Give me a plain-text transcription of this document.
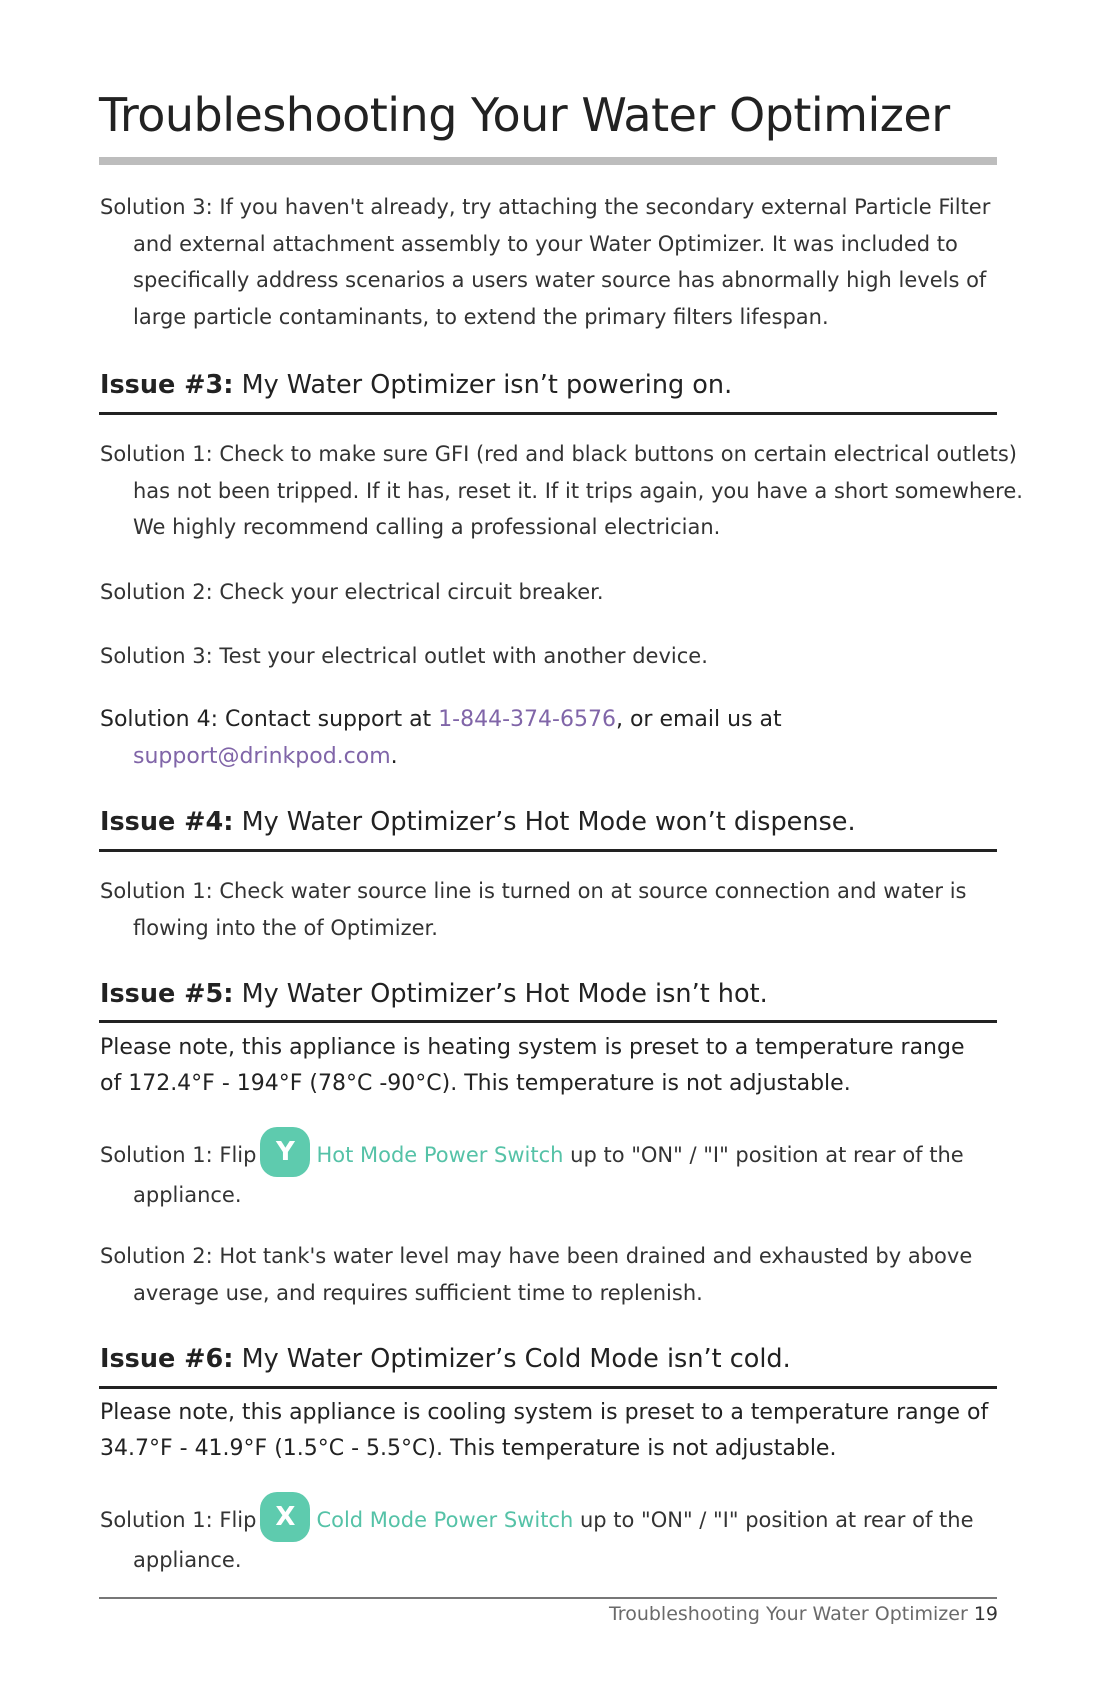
Troubleshooting Your Water Optimizer

Solution 3: If you haven't already, try attaching the secondary external Particle Filter and external attachment assembly to your Water Optimizer. It was included to specifically address scenarios a users water source has abnormally high levels of large particle contaminants, to extend the primary filters lifespan.

Issue #3: My Water Optimizer isn’t powering on.

Solution 1: Check to make sure GFI (red and black buttons on certain electrical outlets) has not been tripped. If it has, reset it. If it trips again, you have a short somewhere. We highly recommend calling a professional electrician.

Solution 2: Check your electrical circuit breaker.

Solution 3: Test your electrical outlet with another device.

Solution 4: Contact support at 1-844-374-6576, or email us at support@drinkpod.com.

Issue #4: My Water Optimizer’s Hot Mode won’t dispense.

Solution 1: Check water source line is turned on at source connection and water is flowing into the of Optimizer.

Issue #5: My Water Optimizer’s Hot Mode isn’t hot.

Please note, this appliance is heating system is preset to a temperature range of 172.4°F - 194°F (78°C -90°C). This temperature is not adjustable.

Solution 1: Flip Y Hot Mode Power Switch up to "ON" / "I" position at rear of the appliance.

Solution 2: Hot tank's water level may have been drained and exhausted by above average use, and requires sufficient time to replenish.

Issue #6: My Water Optimizer’s Cold Mode isn’t cold.

Please note, this appliance is cooling system is preset to a temperature range of 34.7°F - 41.9°F (1.5°C - 5.5°C). This temperature is not adjustable.

Solution 1: Flip X Cold Mode Power Switch up to "ON" / "I" position at rear of the appliance.

Troubleshooting Your Water Optimizer 19
